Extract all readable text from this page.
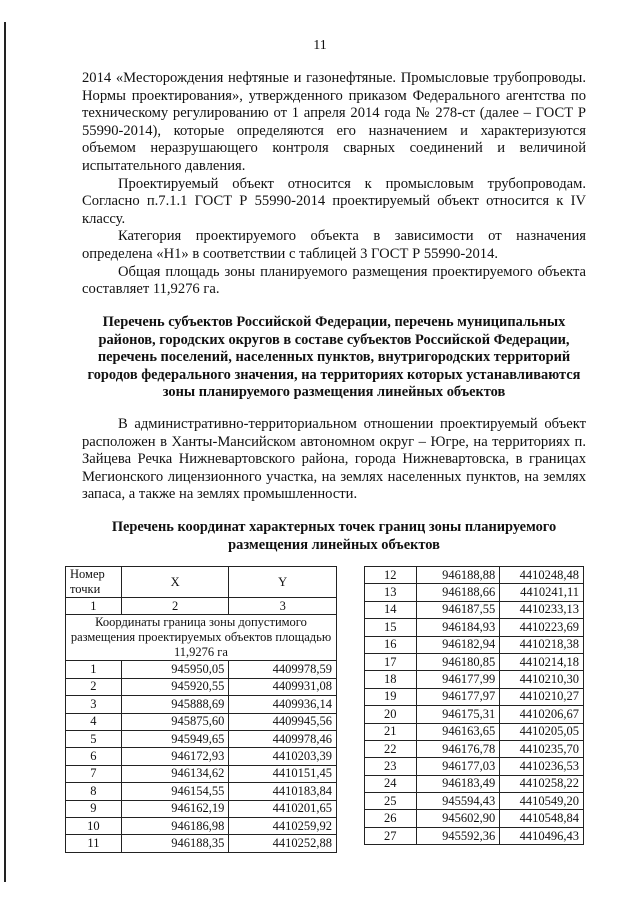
11

2014 «Месторождения нефтяные и газонефтяные. Промысловые трубопроводы. Нормы проектирования», утвержденного приказом Федерального агентства по техническому регулированию от 1 апреля 2014 года № 278-ст (далее – ГОСТ Р 55990-2014), которые определяются его назначением и характеризуются объемом неразрушающего контроля сварных соединений и величиной испытательного давления.

Проектируемый объект относится к промысловым трубопроводам. Согласно п.7.1.1 ГОСТ Р 55990-2014 проектируемый объект относится к IV классу.

Категория проектируемого объекта в зависимости от назначения определена «Н1» в соответствии с таблицей 3 ГОСТ Р 55990-2014.

Общая площадь зоны планируемого размещения проектируемого объекта составляет 11,9276 га.

Перечень субъектов Российской Федерации, перечень муниципальных районов, городских округов в составе субъектов Российской Федерации, перечень поселений, населенных пунктов, внутригородских территорий городов федерального значения, на территориях которых устанавливаются зоны планируемого размещения линейных объектов

В административно-территориальном отношении проектируемый объект расположен в Ханты-Мансийском автономном округ – Югре, на территориях п. Зайцева Речка Нижневартовского района, города Нижневартовска, в границах Мегионского лицензионного участка, на землях населенных пунктов, на землях запаса, а также на землях промышленности.

Перечень координат характерных точек границ зоны планируемого размещения линейных объектов
Номер точки	X	Y
1	2	3
Координаты граница зоны допустимого размещения проектируемых объектов площадью 11,9276 га		
1	945950,05	4409978,59
2	945920,55	4409931,08
3	945888,69	4409936,14
4	945875,60	4409945,56
5	945949,65	4409978,46
6	946172,93	4410203,39
7	946134,62	4410151,45
8	946154,55	4410183,84
9	946162,19	4410201,65
10	946186,98	4410259,92
11	946188,35	4410252,88
12	946188,88	4410248,48
13	946188,66	4410241,11
14	946187,55	4410233,13
15	946184,93	4410223,69
16	946182,94	4410218,38
17	946180,85	4410214,18
18	946177,99	4410210,30
19	946177,97	4410210,27
20	946175,31	4410206,67
21	946163,65	4410205,05
22	946176,78	4410235,70
23	946177,03	4410236,53
24	946183,49	4410258,22
25	945594,43	4410549,20
26	945602,90	4410548,84
27	945592,36	4410496,43
